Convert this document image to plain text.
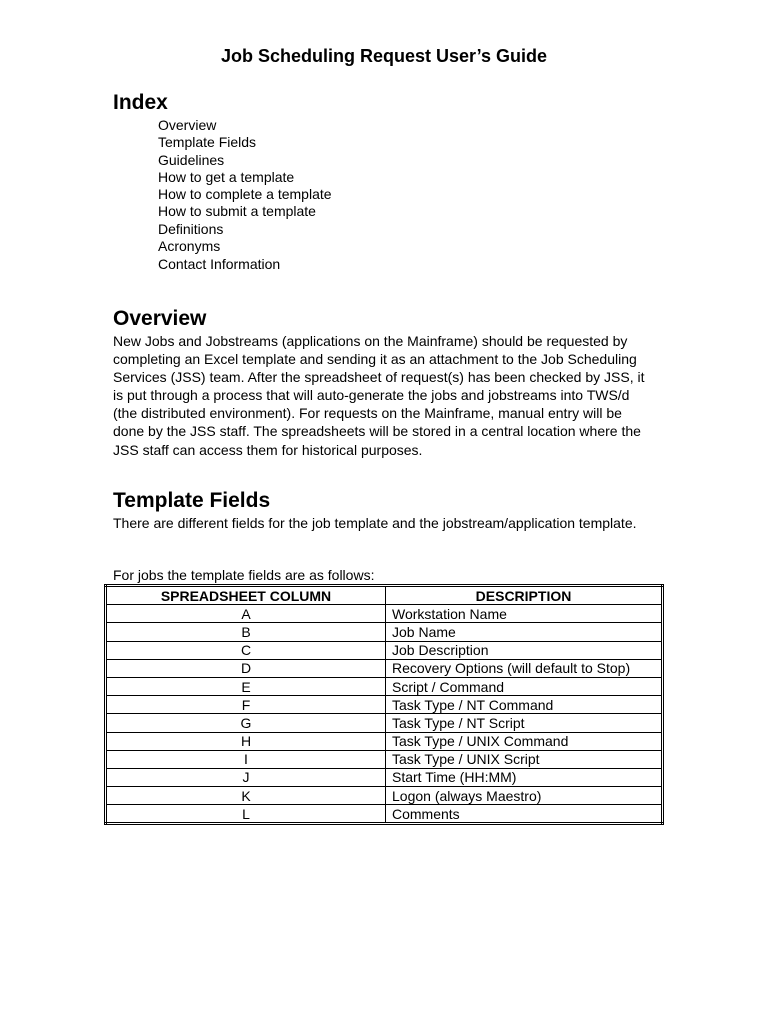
Job Scheduling Request User’s Guide
Index
Overview
Template Fields
Guidelines
How to get a template
How to complete a template
How to submit a template
Definitions
Acronyms
Contact Information
Overview

New Jobs and Jobstreams (applications on the Mainframe) should be requested by completing an Excel template and sending it as an attachment to the Job Scheduling Services (JSS) team. After the spreadsheet of request(s) has been checked by JSS, it is put through a process that will auto-generate the jobs and jobstreams into TWS/d (the distributed environment). For requests on the Mainframe, manual entry will be done by the JSS staff. The spreadsheets will be stored in a central location where the JSS staff can access them for historical purposes.

Template Fields

There are different fields for the job template and the jobstream/application template.

For jobs the template fields are as follows:

SPREADSHEET COLUMN	DESCRIPTION
A	Workstation Name
B	Job Name
C	Job Description
D	Recovery Options (will default to Stop)
E	Script / Command
F	Task Type / NT Command
G	Task Type / NT Script
H	Task Type / UNIX Command
I	Task Type / UNIX Script
J	Start Time (HH:MM)
K	Logon (always Maestro)
L	Comments
